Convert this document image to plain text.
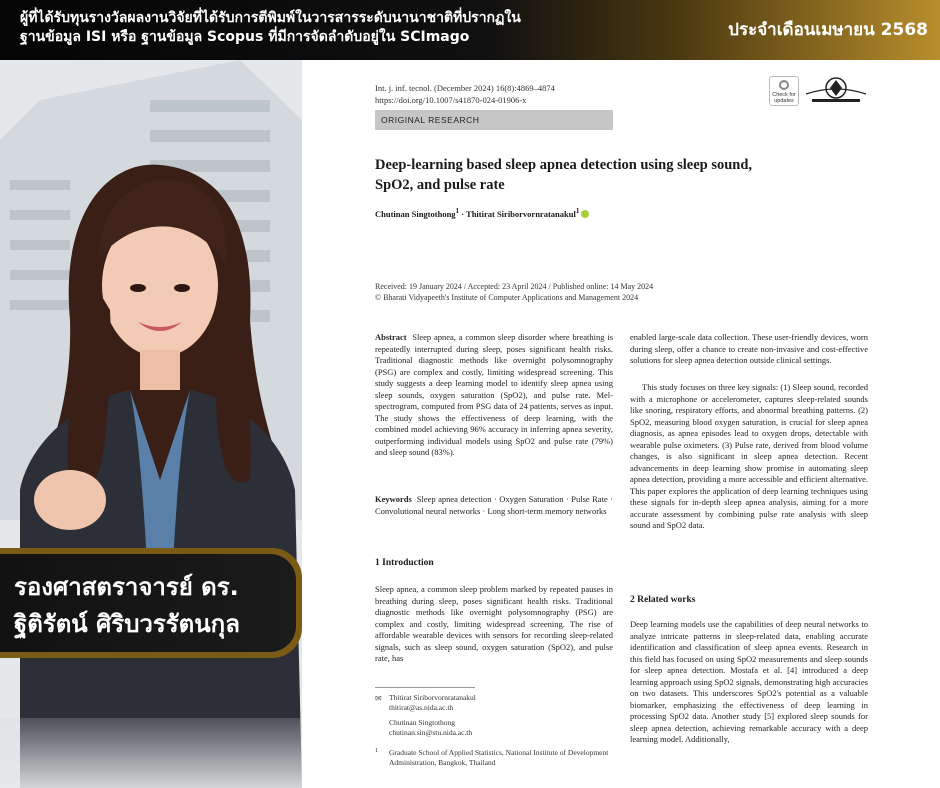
ผู้ที่ได้รับทุนรางวัลผลงานวิจัยที่ได้รับการตีพิมพ์ในวารสารระดับนานาชาติที่ปรากฏใน
ฐานข้อมูล ISI หรือ ฐานข้อมูล Scopus ที่มีการจัดลำดับอยู่ใน SCImago	ประจำเดือนเมษายน 2568
รองศาสตราจารย์ ดร.
ฐิติรัตน์ ศิริบวรรัตนกุล
Int. j. inf. tecnol. (December 2024) 16(8):4869–4874
https://doi.org/10.1007/s41870-024-01906-x	Check for updates
ORIGINAL RESEARCH
Deep-learning based sleep apnea detection using sleep sound,
SpO2, and pulse rate
Chutinan Singtothong$^1$ · Thitirat Siriborvornratanakul$^1$
Received: 19 January 2024 / Accepted: 23 April 2024 / Published online: 14 May 2024
© Bharati Vidyapeeth's Institute of Computer Applications and Management 2024
Abstract Sleep apnea, a common sleep disorder where breathing is repeatedly interrupted during sleep, poses significant health risks. Traditional diagnostic methods like overnight polysomnography (PSG) are complex and costly, limiting widespread screening. This study suggests a deep learning model to identify sleep apnea using sleep sounds, oxygen saturation (SpO2), and pulse rate. Mel-spectrogram, computed from PSG data of 24 patients, serves as input. The study shows the effectiveness of deep learning, with the combined model achieving 96% accuracy in inferring apnea severity, outperforming individual models using SpO2 and pulse rate (79%) and sleep sound (83%).
Keywords Sleep apnea detection · Oxygen Saturation · Pulse Rate · Convolutional neural networks · Long short-term memory networks
1 Introduction
Sleep apnea, a common sleep problem marked by repeated pauses in breathing during sleep, poses significant health risks. Traditional diagnostic methods like overnight polysomnography (PSG) are complex and costly, limiting widespread screening. The rise of affordable wearable devices with sensors for recording sleep-related signals, such as sleep sound, oxygen saturation (SpO2), and pulse rate, has
enabled large-scale data collection. These user-friendly devices, worn during sleep, offer a chance to create non-invasive and cost-effective solutions for sleep apnea detection outside clinical settings.
This study focuses on three key signals: (1) Sleep sound, recorded with a microphone or accelerometer, captures sleep-related sounds like snoring, respiratory efforts, and abnormal breathing patterns. (2) SpO2, measuring blood oxygen saturation, is crucial for sleep apnea diagnosis, as apnea episodes lead to oxygen drops, detectable with wearable pulse oximeters. (3) Pulse rate, derived from blood volume changes, is also significant in sleep apnea detection. Recent advancements in deep learning show promise in automating sleep apnea detection, providing a more accessible and efficient alternative. This paper explores the application of deep learning techniques using these signals for in-depth sleep apnea analysis, aiming for a more accurate assessment by combining pulse rate analysis with sleep sound and SpO2 data.
2 Related works
Deep learning models use the capabilities of deep neural networks to analyze intricate patterns in sleep-related data, enabling accurate identification and classification of sleep apnea events. Research in this field has focused on using SpO2 measurements and sleep sounds for sleep apnea detection. Mostafa et al. [4] introduced a deep learning approach using SpO2 signals, demonstrating high accuracies on two datasets. This underscores SpO2's potential as a valuable biomarker, emphasizing the effectiveness of deep learning in processing SpO2 data. Another study [5] explored sleep sounds for sleep apnea detection, achieving remarkable accuracy with a deep learning model. Additionally,
✉ Thitirat Siriborvornratanakul
thitirat@as.nida.ac.th
Chutinan Singtothong
chutinan.sin@stu.nida.ac.th
1 Graduate School of Applied Statistics, National Institute of Development Administration, Bangkok, Thailand
